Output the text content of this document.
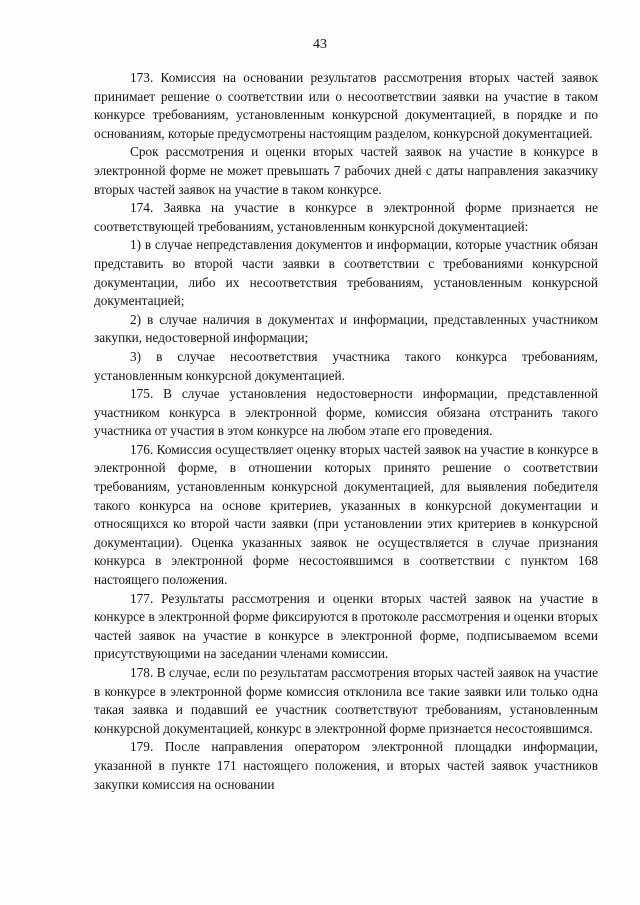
43

173. Комиссия на основании результатов рассмотрения вторых частей заявок принимает решение о соответствии или о несоответствии заявки на участие в таком конкурсе требованиям, установленным конкурсной документацией, в порядке и по основаниям, которые предусмотрены настоящим разделом, конкурсной документацией.

Срок рассмотрения и оценки вторых частей заявок на участие в конкурсе в электронной форме не может превышать 7 рабочих дней с даты направления заказчику вторых частей заявок на участие в таком конкурсе.

174. Заявка на участие в конкурсе в электронной форме признается не соответствующей требованиям, установленным конкурсной документацией:

1) в случае непредставления документов и информации, которые участник обязан представить во второй части заявки в соответствии с требованиями конкурсной документации, либо их несоответствия требованиям, установленным конкурсной документацией;

2) в случае наличия в документах и информации, представленных участником закупки, недостоверной информации;

3) в случае несоответствия участника такого конкурса требованиям, установленным конкурсной документацией.

175. В случае установления недостоверности информации, представленной участником конкурса в электронной форме, комиссия обязана отстранить такого участника от участия в этом конкурсе на любом этапе его проведения.

176. Комиссия осуществляет оценку вторых частей заявок на участие в конкурсе в электронной форме, в отношении которых принято решение о соответствии требованиям, установленным конкурсной документацией, для выявления победителя такого конкурса на основе критериев, указанных в конкурсной документации и относящихся ко второй части заявки (при установлении этих критериев в конкурсной документации). Оценка указанных заявок не осуществляется в случае признания конкурса в электронной форме несостоявшимся в соответствии с пунктом 168 настоящего положения.

177. Результаты рассмотрения и оценки вторых частей заявок на участие в конкурсе в электронной форме фиксируются в протоколе рассмотрения и оценки вторых частей заявок на участие в конкурсе в электронной форме, подписываемом всеми присутствующими на заседании членами комиссии.

178. В случае, если по результатам рассмотрения вторых частей заявок на участие в конкурсе в электронной форме комиссия отклонила все такие заявки или только одна такая заявка и подавший ее участник соответствуют требованиям, установленным конкурсной документацией, конкурс в электронной форме признается несостоявшимся.

179. После направления оператором электронной площадки информации, указанной в пункте 171 настоящего положения, и вторых частей заявок участников закупки комиссия на основании
